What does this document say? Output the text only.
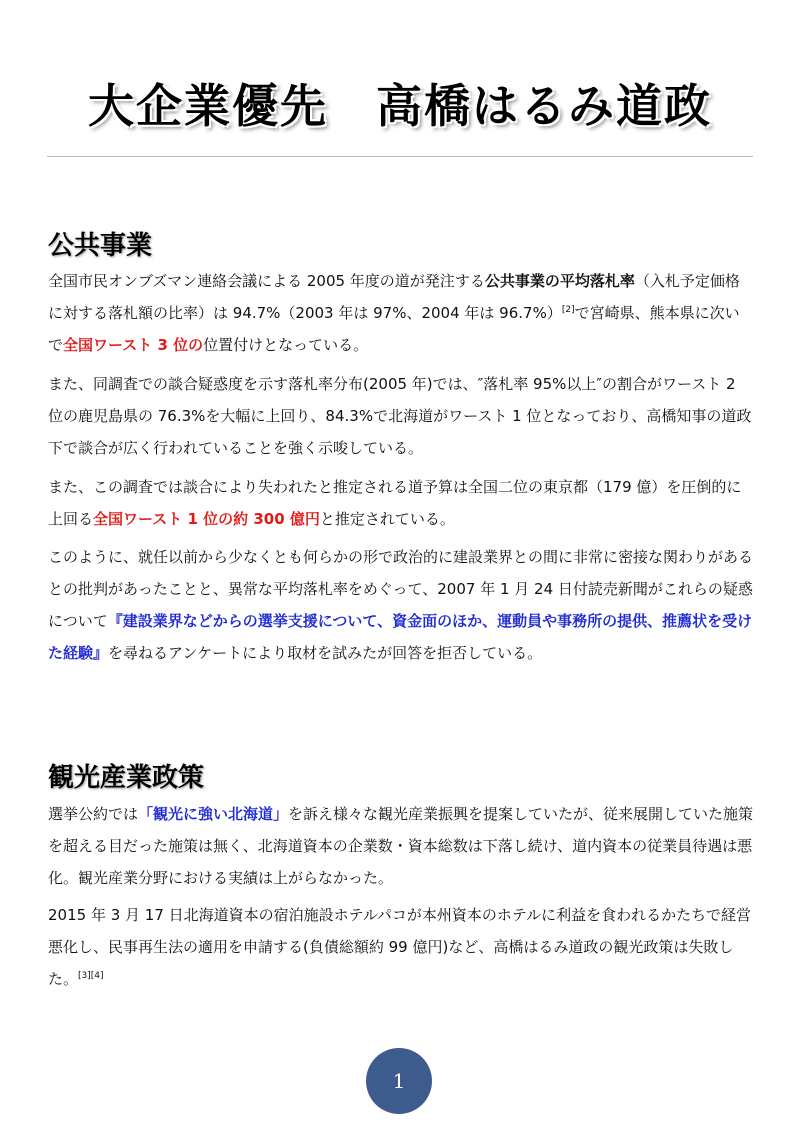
大企業優先　高橋はるみ道政
公共事業

全国市民オンブズマン連絡会議による 2005 年度の道が発注する公共事業の平均落札率（入札予定価格に対する落札額の比率）は 94.7%（2003 年は 97%、2004 年は 96.7%）[2]で宮崎県、熊本県に次いで全国ワースト 3 位の位置付けとなっている。

また、同調査での談合疑惑度を示す落札率分布(2005 年)では、″落札率 95%以上″の割合がワースト 2 位の鹿児島県の 76.3%を大幅に上回り、84.3%で北海道がワースト 1 位となっており、高橋知事の道政下で談合が広く行われていることを強く示唆している。

また、この調査では談合により失われたと推定される道予算は全国二位の東京都（179 億）を圧倒的に上回る全国ワースト 1 位の約 300 億円と推定されている。

このように、就任以前から少なくとも何らかの形で政治的に建設業界との間に非常に密接な関わりがあるとの批判があったことと、異常な平均落札率をめぐって、2007 年 1 月 24 日付読売新聞がこれらの疑惑について『建設業界などからの選挙支援について、資金面のほか、運動員や事務所の提供、推薦状を受けた経験』を尋ねるアンケートにより取材を試みたが回答を拒否している。

観光産業政策

選挙公約では「観光に強い北海道」を訴え様々な観光産業振興を提案していたが、従来展開していた施策を超える目だった施策は無く、北海道資本の企業数・資本総数は下落し続け、道内資本の従業員待遇は悪化。観光産業分野における実績は上がらなかった。

2015 年 3 月 17 日北海道資本の宿泊施設ホテルパコが本州資本のホテルに利益を食われるかたちで経営悪化し、民事再生法の適用を申請する(負債総額約 99 億円)など、高橋はるみ道政の観光政策は失敗した。[3][4]

1
